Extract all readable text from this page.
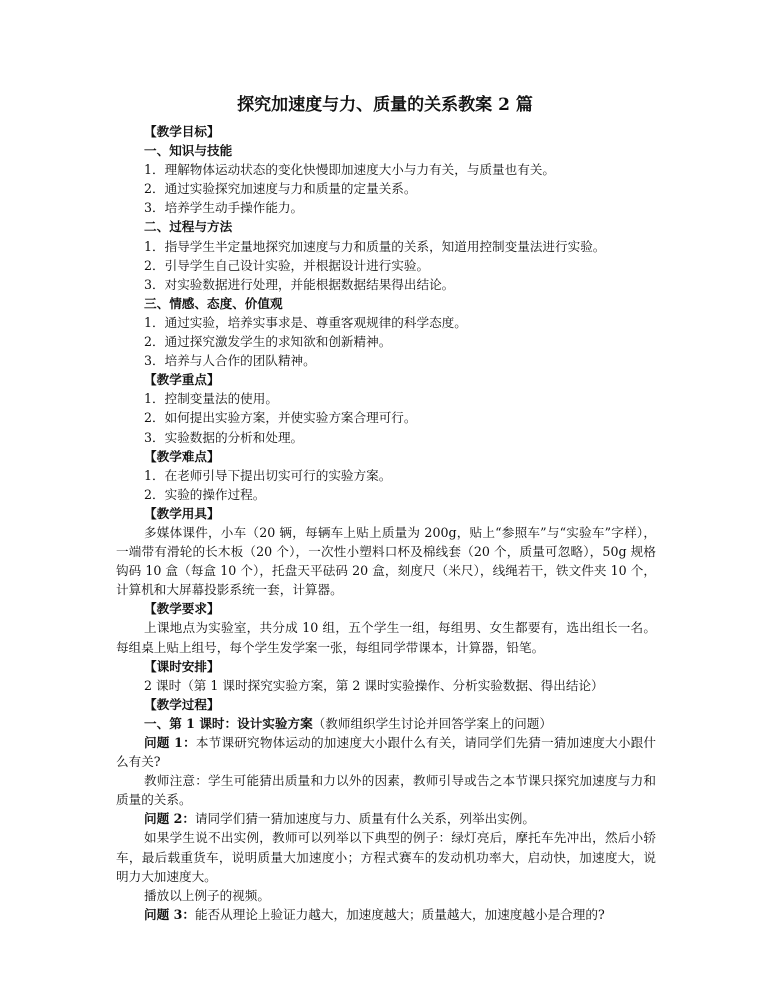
探究加速度与力、质量的关系教案 2 篇
【教学目标】
一、知识与技能
1．理解物体运动状态的变化快慢即加速度大小与力有关，与质量也有关。
2．通过实验探究加速度与力和质量的定量关系。
3．培养学生动手操作能力。
二、过程与方法
1．指导学生半定量地探究加速度与力和质量的关系，知道用控制变量法进行实验。
2．引导学生自己设计实验，并根据设计进行实验。
3．对实验数据进行处理，并能根据数据结果得出结论。
三、情感、态度、价值观
1．通过实验，培养实事求是、尊重客观规律的科学态度。
2．通过探究激发学生的求知欲和创新精神。
3．培养与人合作的团队精神。
【教学重点】
1．控制变量法的使用。
2．如何提出实验方案，并使实验方案合理可行。
3．实验数据的分析和处理。
【教学难点】
1．在老师引导下提出切实可行的实验方案。
2．实验的操作过程。
【教学用具】
多媒体课件，小车（20 辆，每辆车上贴上质量为 200g，贴上“参照车”与“实验车”字样），一端带有滑轮的长木板（20 个），一次性小塑料口杯及棉线套（20 个，质量可忽略），50g 规格钩码 10 盒（每盒 10 个），托盘天平砝码 20 盒，刻度尺（米尺），线绳若干，铁文件夹 10 个，计算机和大屏幕投影系统一套，计算器。
【教学要求】
上课地点为实验室，共分成 10 组，五个学生一组，每组男、女生都要有，选出组长一名。每组桌上贴上组号，每个学生发学案一张，每组同学带课本，计算器，铅笔。
【课时安排】
2 课时（第 1 课时探究实验方案，第 2 课时实验操作、分析实验数据、得出结论）
【教学过程】
一、第 1 课时：设计实验方案（教师组织学生讨论并回答学案上的问题）
问题 1：本节课研究物体运动的加速度大小跟什么有关，请同学们先猜一猜加速度大小跟什么有关?
教师注意：学生可能猜出质量和力以外的因素，教师引导或告之本节课只探究加速度与力和质量的关系。
问题 2：请同学们猜一猜加速度与力、质量有什么关系，列举出实例。
如果学生说不出实例，教师可以列举以下典型的例子：绿灯亮后，摩托车先冲出，然后小轿车，最后载重货车，说明质量大加速度小；方程式赛车的发动机功率大，启动快，加速度大，说明力大加速度大。
播放以上例子的视频。
问题 3：能否从理论上验证力越大，加速度越大；质量越大，加速度越小是合理的?
